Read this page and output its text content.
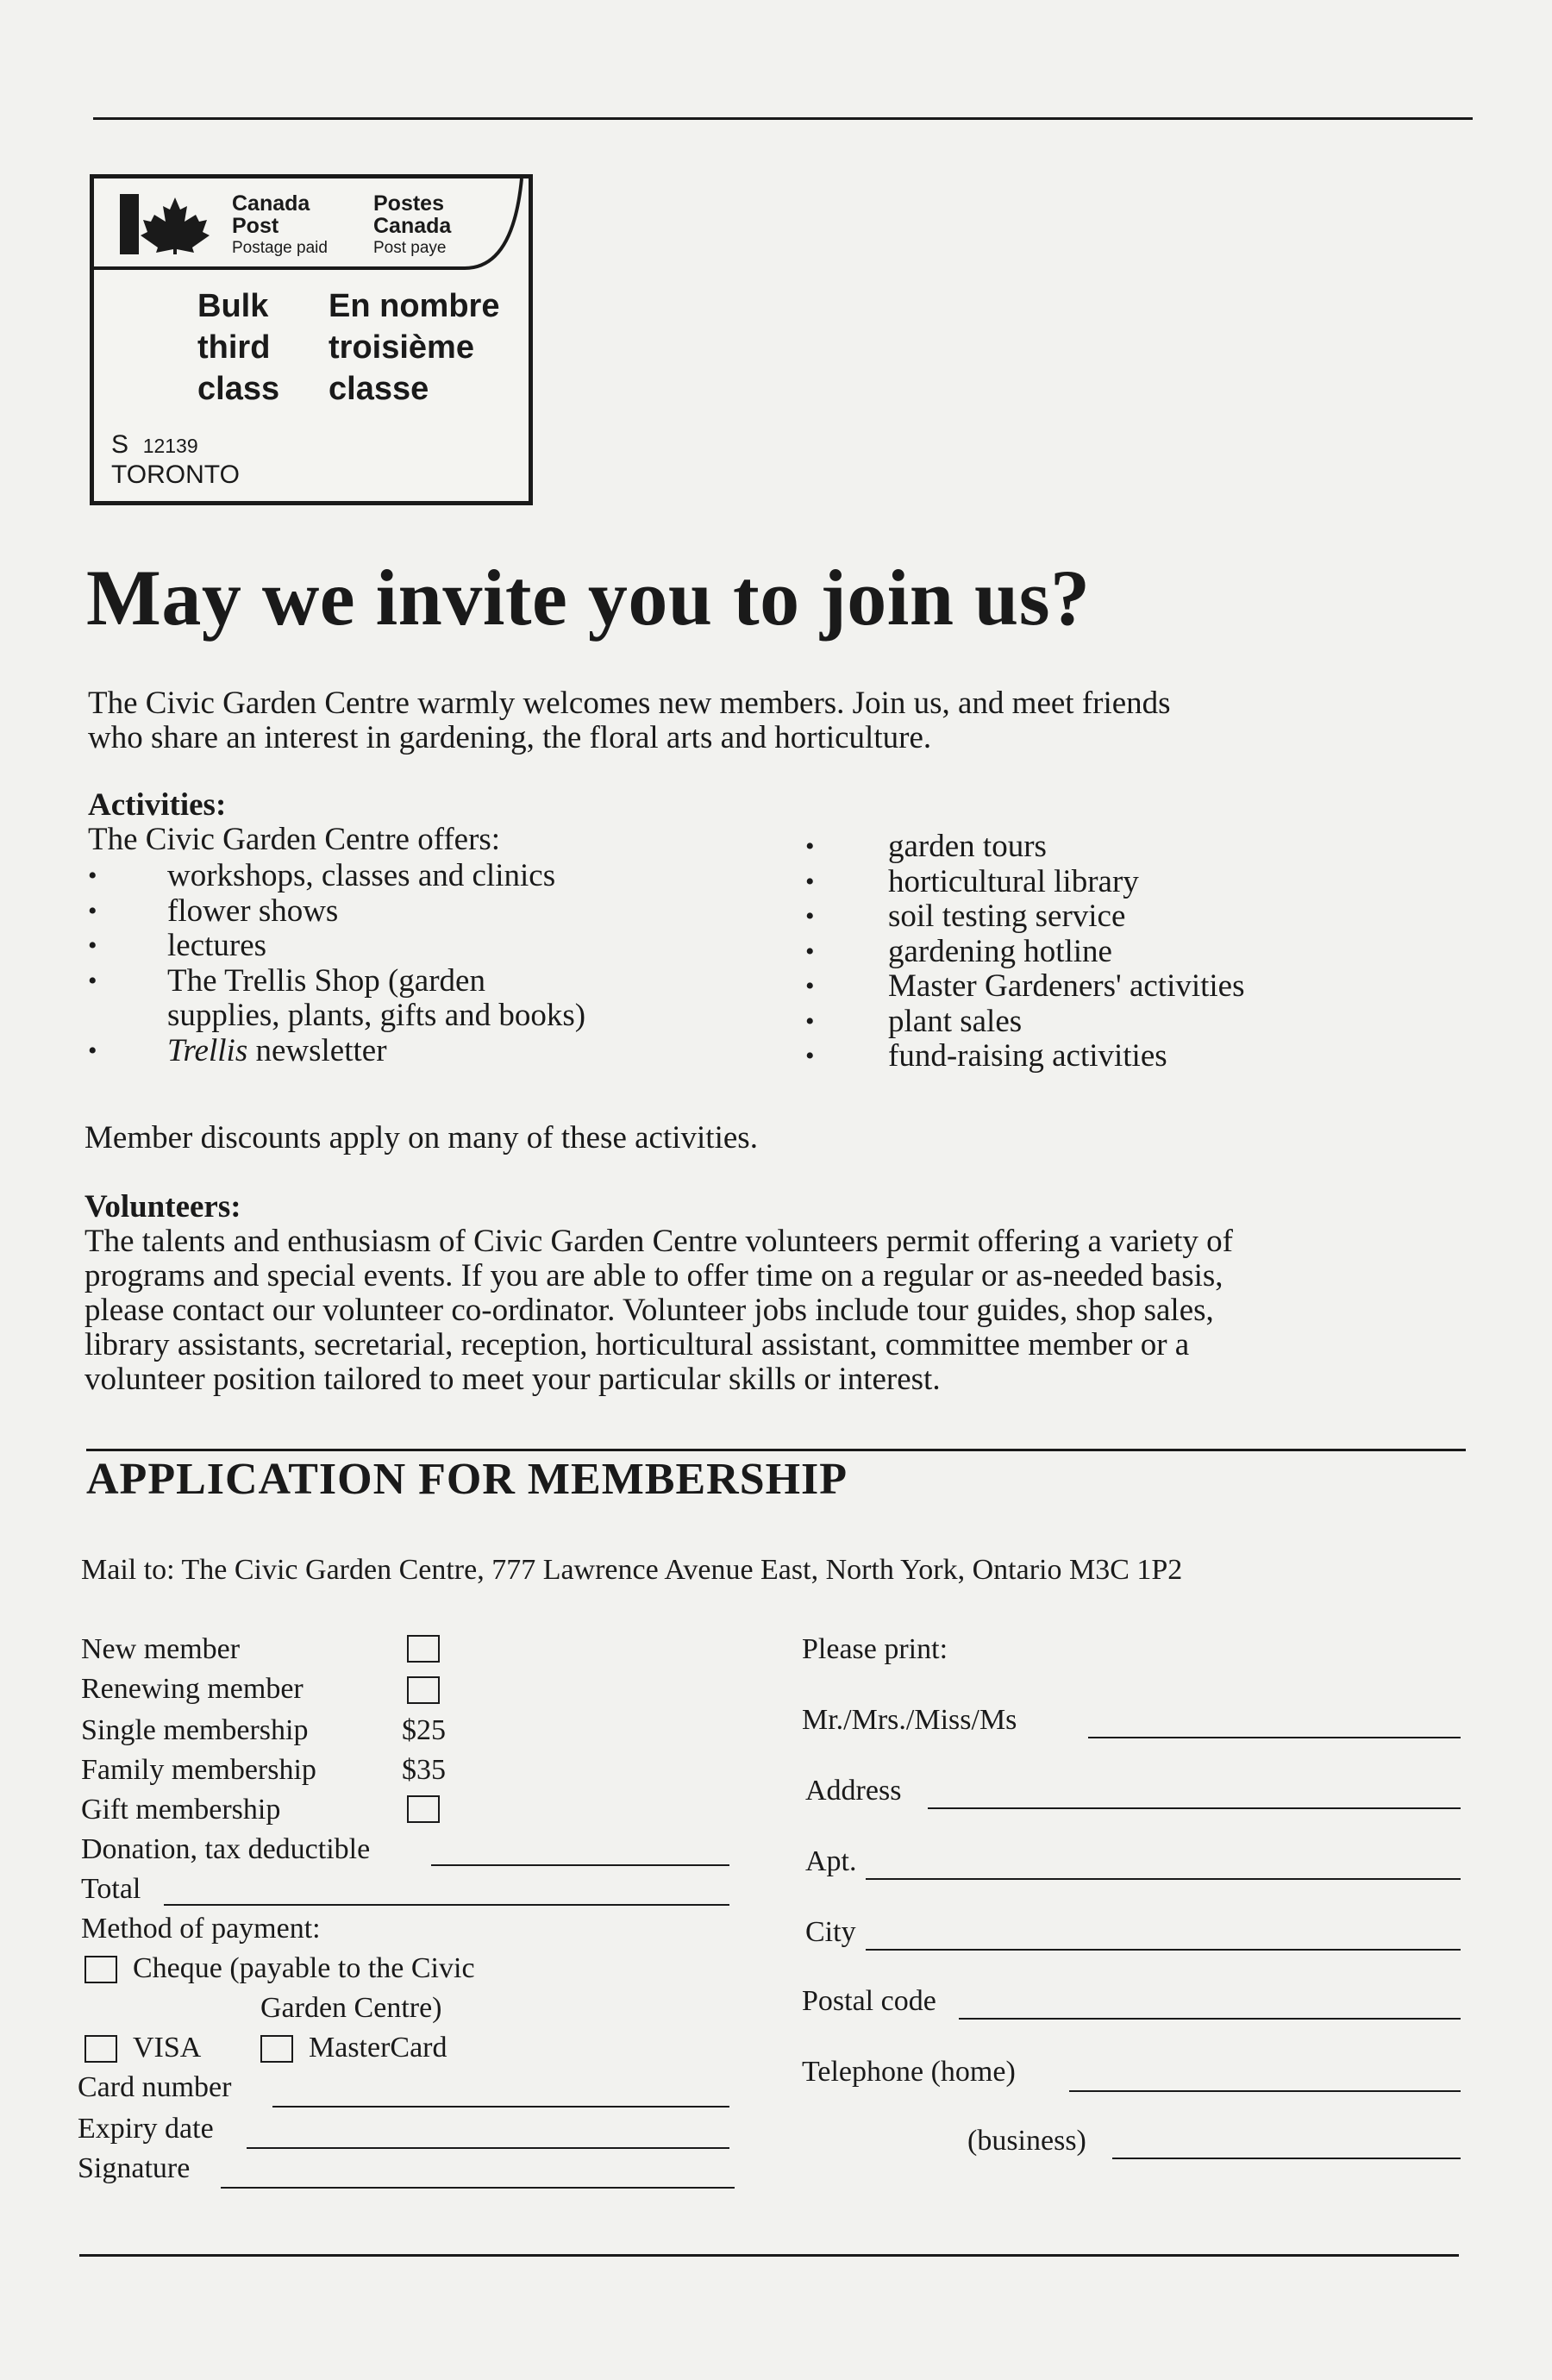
Canada
Post
Postage paid
Postes
Canada
Post paye
Bulk
third
class
En nombre
troisième
classe
S 12139
TORONTO
May we invite you to join us?

The Civic Garden Centre warmly welcomes new members. Join us, and meet friends

who share an interest in gardening, the floral arts and horticulture.

Activities:

The Civic Garden Centre offers:

• workshops, classes and clinics
• flower shows
• lectures
• The Trellis Shop (garden
supplies, plants, gifts and books)
• Trellis newsletter
• garden tours
• horticultural library
• soil testing service
• gardening hotline
• Master Gardeners' activities
• plant sales
• fund-raising activities

Member discounts apply on many of these activities.

Volunteers:

The talents and enthusiasm of Civic Garden Centre volunteers permit offering a variety of

programs and special events. If you are able to offer time on a regular or as-needed basis,

please contact our volunteer co-ordinator. Volunteer jobs include tour guides, shop sales,

library assistants, secretarial, reception, horticultural assistant, committee member or a

volunteer position tailored to meet your particular skills or interest.

APPLICATION FOR MEMBERSHIP
Mail to: The Civic Garden Centre, 777 Lawrence Avenue East, North York, Ontario M3C 1P2
New member
Renewing member
Single membership	$25
Family membership	$35
Gift membership
Donation, tax deductible
Total
Method of payment:
Cheque (payable to the Civic
Garden Centre)
VISA	MasterCard
Card number
Expiry date
Signature
Please print:
Mr./Mrs./Miss/Ms
Address
Apt.
City
Postal code
Telephone (home)
(business)
